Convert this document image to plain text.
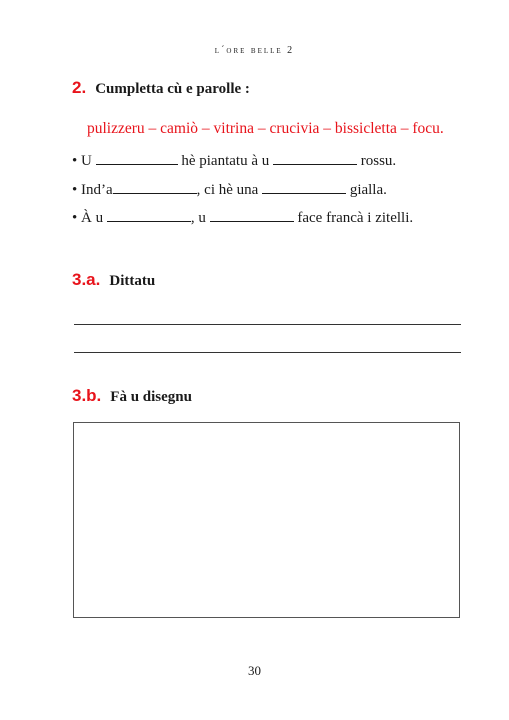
l´ore belle 2
2. Cumpletta cù e parolle :
pulizzeru – camiò – vitrina – crucivia – bissicletta – focu.
• U	hè piantatu à u	rossu.
• Ind’a	, ci hè una	gialla.
• À u	, u	face francà i zitelli.
3.a. Dittatu
3.b. Fà u disegnu
30
